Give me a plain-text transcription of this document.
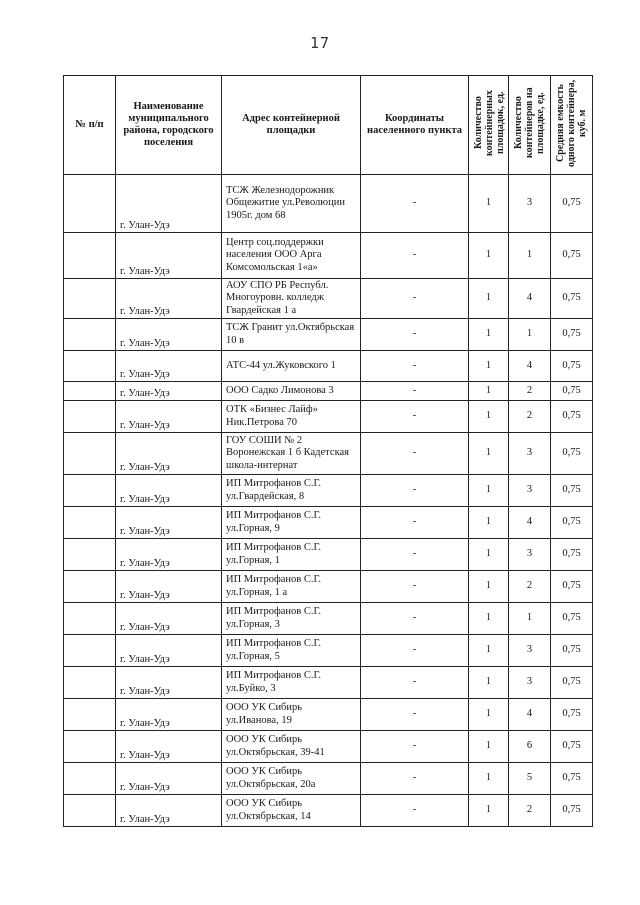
17
№ п/п	Наименование муниципального района, городского поселения	Адрес контейнерной площадки	Координаты населенного пункта	Количество контейнерных площадок, ед.	Количество контейнеров на площадке, ед.	Средняя емкость одного контейнера, куб. м
	г. Улан-Удэ	ТСЖ Железнодорожник Общежитие ул.Революции 1905г. дом 68	-	1	3	0,75
	г. Улан-Удэ	Центр соц.поддержки населения ООО Арга Комсомольская 1«а»	-	1	1	0,75
	г. Улан-Удэ	АОУ СПО РБ Республ. Многоуровн. колледж Гвардейская 1 а	-	1	4	0,75
	г. Улан-Удэ	ТСЖ Гранит ул.Октябрьская 10 в	-	1	1	0,75
	г. Улан-Удэ	АТС-44 ул.Жуковского 1	-	1	4	0,75
	г. Улан-Удэ	ООО Садко Лимонова 3	-	1	2	0,75
	г. Улан-Удэ	ОТК «Бизнес Лайф» Ник.Петрова 70	-	1	2	0,75
	г. Улан-Удэ	ГОУ СОШИ № 2 Воронежская 1 б Кадетская школа-интернат	-	1	3	0,75
	г. Улан-Удэ	ИП Митрофанов С.Г. ул.Гвардейская, 8	-	1	3	0,75
	г. Улан-Удэ	ИП Митрофанов С.Г. ул.Горная, 9	-	1	4	0,75
	г. Улан-Удэ	ИП Митрофанов С.Г. ул.Горная, 1	-	1	3	0,75
	г. Улан-Удэ	ИП Митрофанов С.Г. ул.Горная, 1 а	-	1	2	0,75
	г. Улан-Удэ	ИП Митрофанов С.Г. ул.Горная, 3	-	1	1	0,75
	г. Улан-Удэ	ИП Митрофанов С.Г. ул.Горная, 5	-	1	3	0,75
	г. Улан-Удэ	ИП Митрофанов С.Г. ул.Буйко, 3	-	1	3	0,75
	г. Улан-Удэ	ООО УК Сибирь ул.Иванова, 19	-	1	4	0,75
	г. Улан-Удэ	ООО УК Сибирь ул.Октябрьская, 39-41	-	1	6	0,75
	г. Улан-Удэ	ООО УК Сибирь ул.Октябрьская, 20а	-	1	5	0,75
	г. Улан-Удэ	ООО УК Сибирь ул.Октябрьская, 14	-	1	2	0,75
